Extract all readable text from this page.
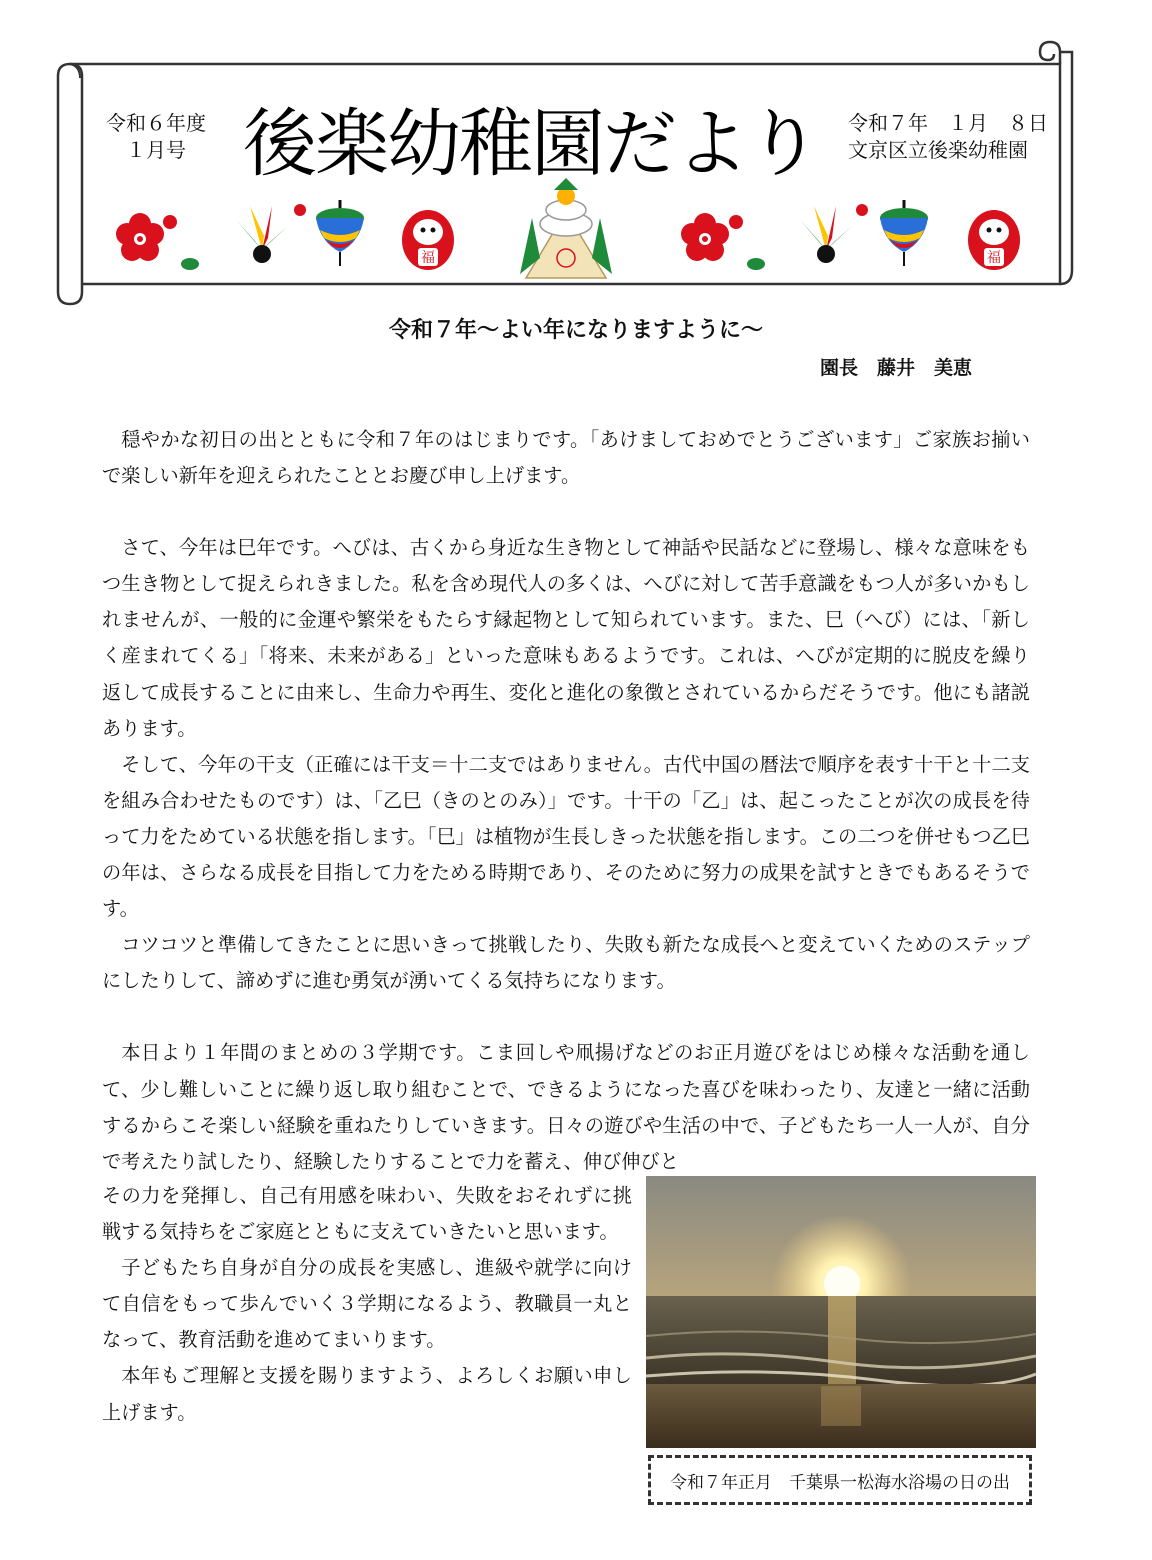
福	福
令和６年度
１月号 後楽幼稚園だより	令和７年　１月　８日
文京区立後楽幼稚園
令和７年〜よい年になりますように〜
園長　藤井　美恵

穏やかな初日の出とともに令和７年のはじまりです。「あけましておめでとうございます」ご家族お揃いで楽しい新年を迎えられたこととお慶び申し上げます。

さて、今年は巳年です。へびは、古くから身近な生き物として神話や民話などに登場し、様々な意味をもつ生き物として捉えられきました。私を含め現代人の多くは、へびに対して苦手意識をもつ人が多いかもしれませんが、一般的に金運や繁栄をもたらす縁起物として知られています。また、巳（へび）には、「新しく産まれてくる」「将来、未来がある」といった意味もあるようです。これは、へびが定期的に脱皮を繰り返して成長することに由来し、生命力や再生、変化と進化の象徴とされているからだそうです。他にも諸説あります。

そして、今年の干支（正確には干支＝十二支ではありません。古代中国の暦法で順序を表す十干と十二支を組み合わせたものです）は、「乙巳（きのとのみ）」です。十干の「乙」は、起こったことが次の成長を待って力をためている状態を指します。「巳」は植物が生長しきった状態を指します。この二つを併せもつ乙巳の年は、さらなる成長を目指して力をためる時期であり、そのために努力の成果を試すときでもあるそうです。

コツコツと準備してきたことに思いきって挑戦したり、失敗も新たな成長へと変えていくためのステップにしたりして、諦めずに進む勇気が湧いてくる気持ちになります。

本日より１年間のまとめの３学期です。こま回しや凧揚げなどのお正月遊びをはじめ様々な活動を通して、少し難しいことに繰り返し取り組むことで、できるようになった喜びを味わったり、友達と一緒に活動するからこそ楽しい経験を重ねたりしていきます。日々の遊びや生活の中で、子どもたち一人一人が、自分で考えたり試したり、経験したりすることで力を蓄え、伸び伸びと

その力を発揮し、自己有用感を味わい、失敗をおそれずに挑戦する気持ちをご家庭とともに支えていきたいと思います。

子どもたち自身が自分の成長を実感し、進級や就学に向けて自信をもって歩んでいく３学期になるよう、教職員一丸となって、教育活動を進めてまいります。

本年もご理解と支援を賜りますよう、よろしくお願い申し上げます。

令和７年正月　千葉県一松海水浴場の日の出
